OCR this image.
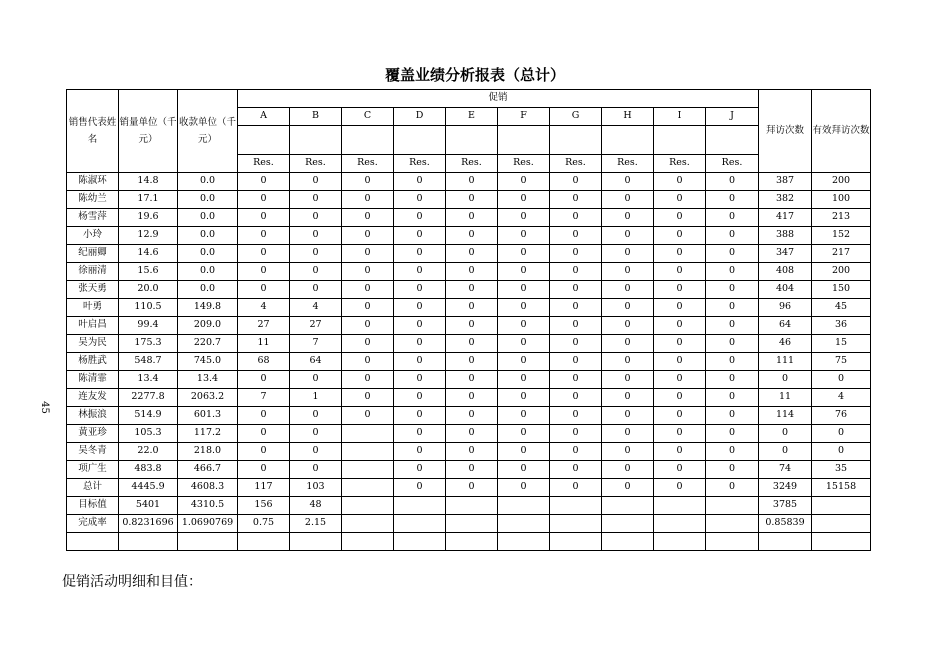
覆盖业绩分析报表（总计）
45
销售代表姓名	销量单位（千元）	收款单位（千元）	促销										拜访次数	有效拜访次数
			A	B	C	D	E	F	G	H	I	J		

			Res.	Res.	Res.	Res.	Res.	Res.	Res.	Res.	Res.	Res.		
陈淑环	14.8	0.0	0	0	0	0	0	0	0	0	0	0	387	200
陈幼兰	17.1	0.0	0	0	0	0	0	0	0	0	0	0	382	100
杨雪萍	19.6	0.0	0	0	0	0	0	0	0	0	0	0	417	213
小玲	12.9	0.0	0	0	0	0	0	0	0	0	0	0	388	152
纪丽卿	14.6	0.0	0	0	0	0	0	0	0	0	0	0	347	217
徐丽清	15.6	0.0	0	0	0	0	0	0	0	0	0	0	408	200
张天勇	20.0	0.0	0	0	0	0	0	0	0	0	0	0	404	150
叶勇	110.5	149.8	4	4	0	0	0	0	0	0	0	0	96	45
叶启昌	99.4	209.0	27	27	0	0	0	0	0	0	0	0	64	36
吴为民	175.3	220.7	11	7	0	0	0	0	0	0	0	0	46	15
杨胜武	548.7	745.0	68	64	0	0	0	0	0	0	0	0	111	75
陈清霏	13.4	13.4	0	0	0	0	0	0	0	0	0	0	0	0
连友发	2277.8	2063.2	7	1	0	0	0	0	0	0	0	0	11	4
林振浪	514.9	601.3	0	0	0	0	0	0	0	0	0	0	114	76
黄亚珍	105.3	117.2	0	0		0	0	0	0	0	0	0	0	0
吴冬青	22.0	218.0	0	0		0	0	0	0	0	0	0	0	0
项广生	483.8	466.7	0	0		0	0	0	0	0	0	0	74	35
总计	4445.9	4608.3	117	103		0	0	0	0	0	0	0	3249	15158
目标值	5401	4310.5	156	48									3785	
完成率	0.8231696	1.0690769	0.75	2.15									0.85839	

促销活动明细和目值：
